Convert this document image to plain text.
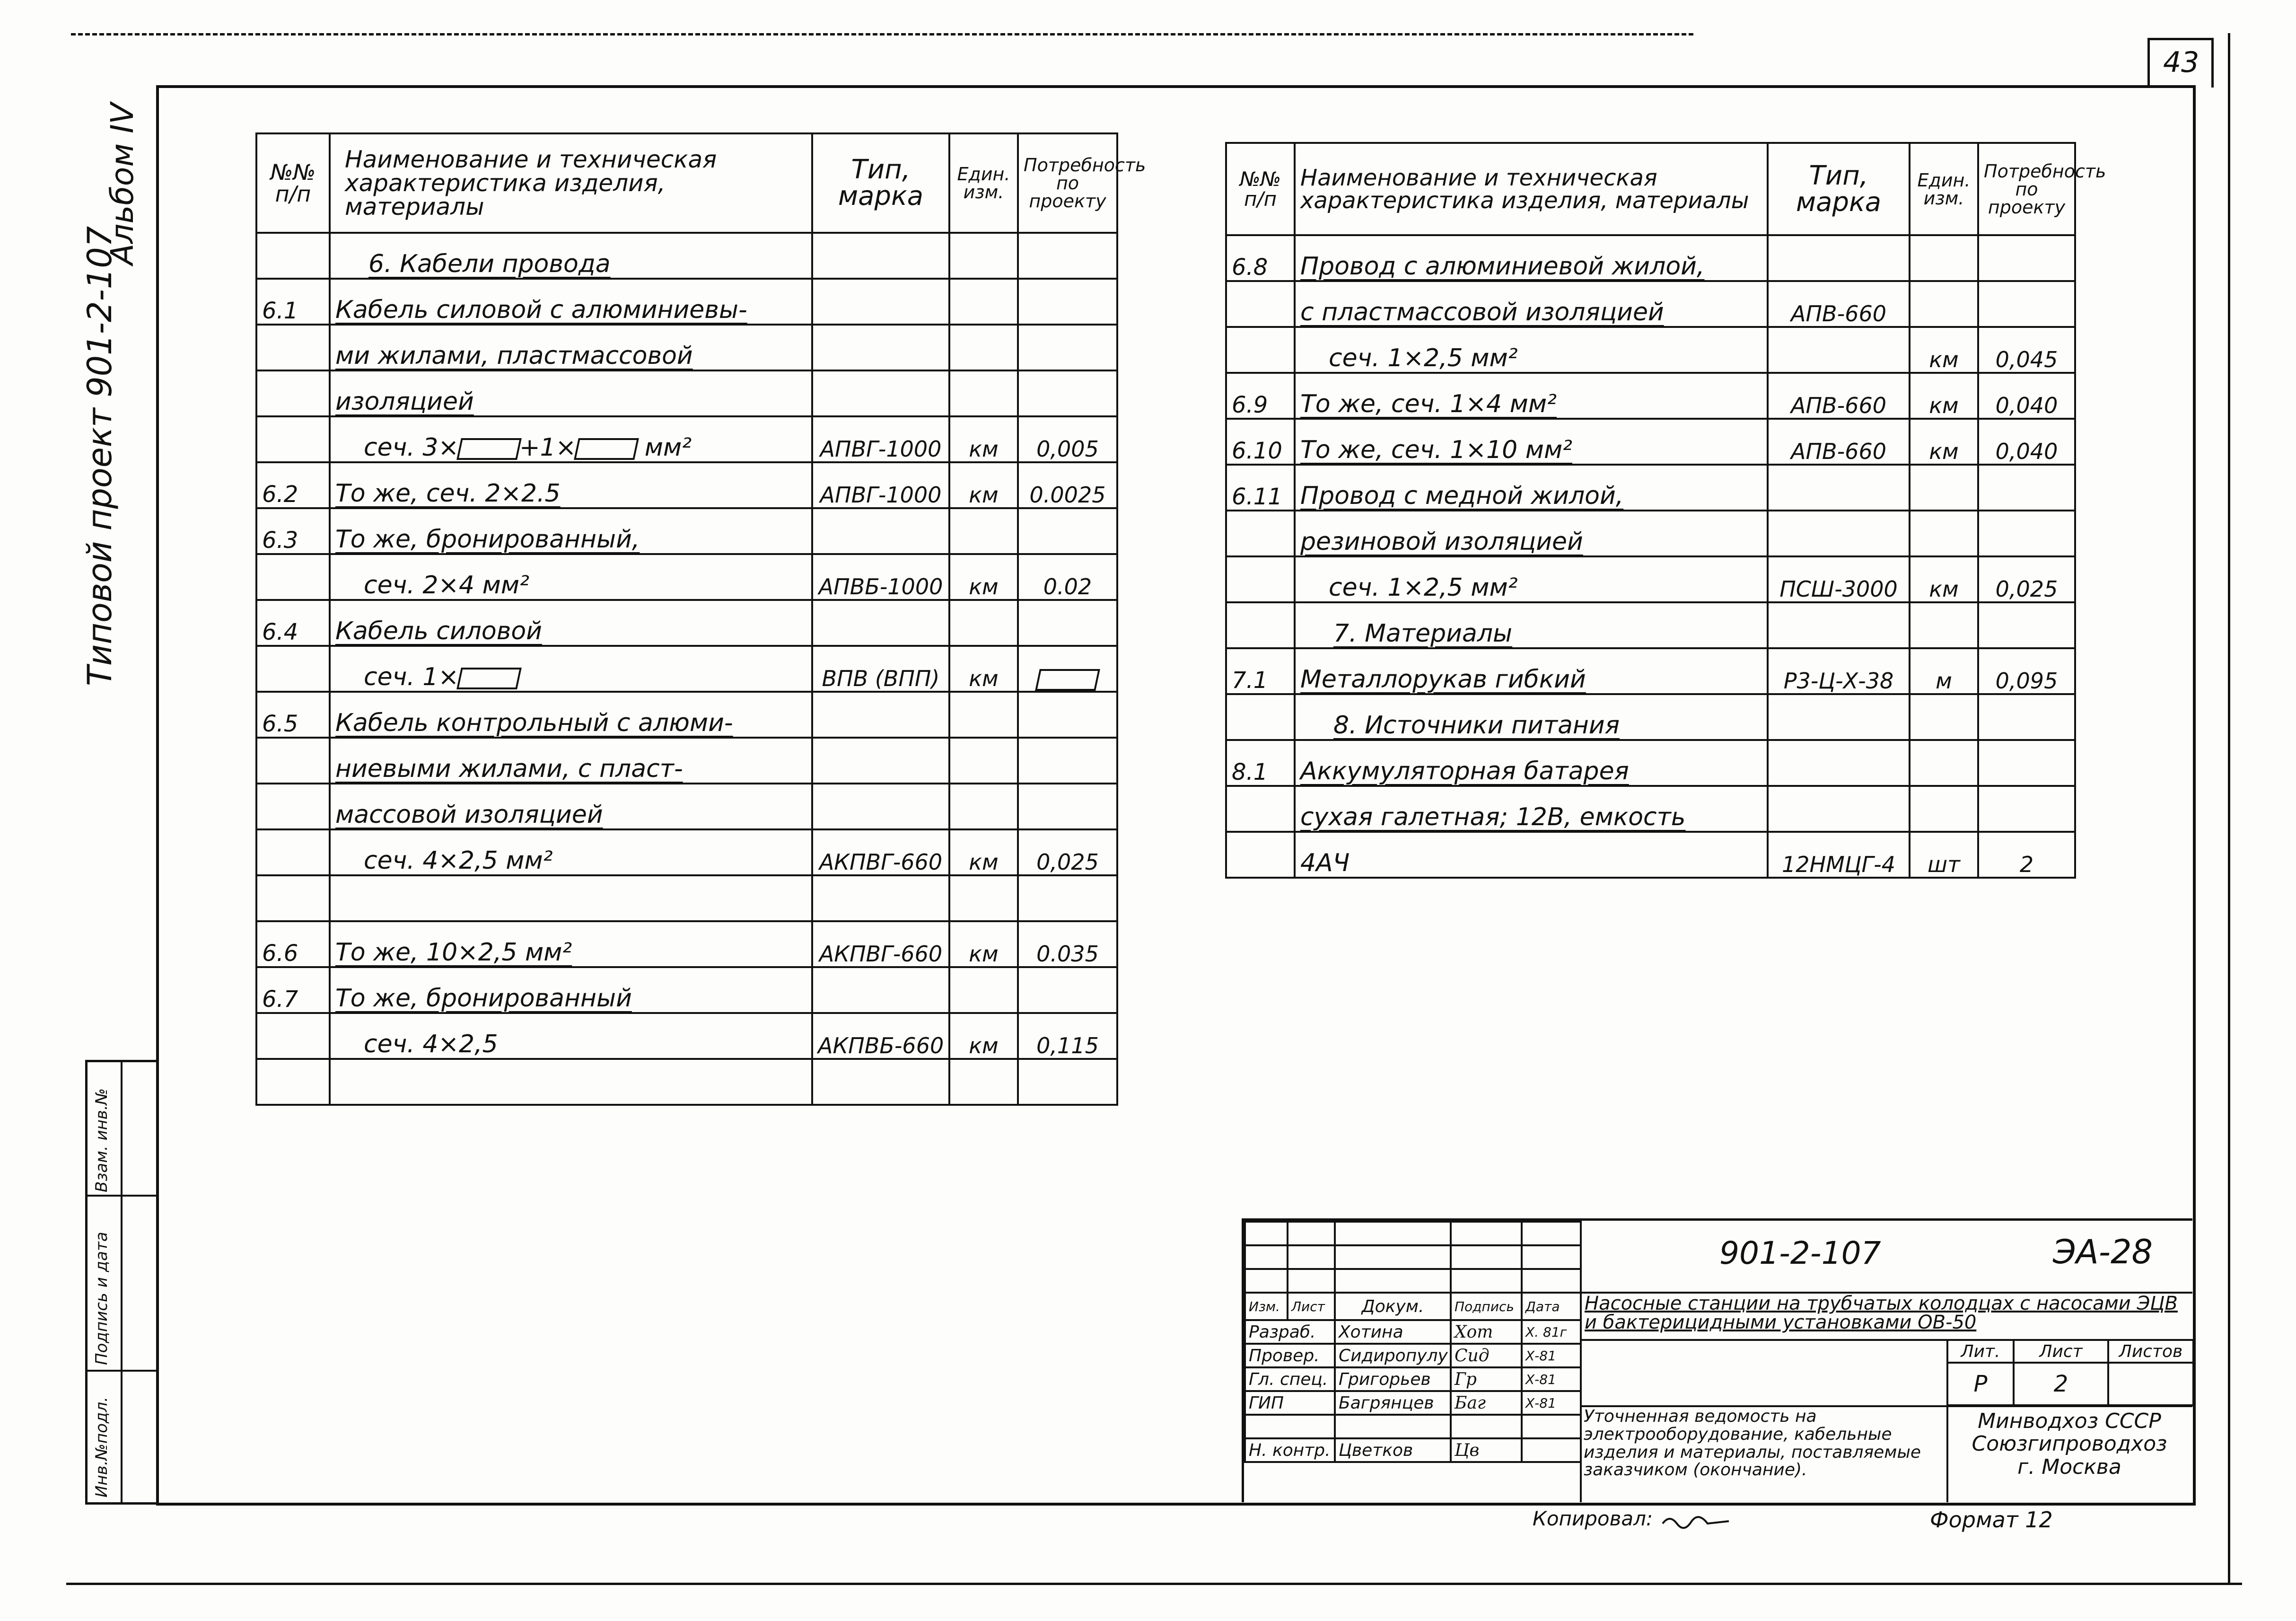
43
Типовой проект 901-2-107
Альбом IV
Взам. инв.№
Подпись и дата
Инв.№подл.
№№ п/п	Наименование и техническая характеристика изделия, материалы	Тип, марка	Един. изм.	Потребность по проекту
	6. Кабели провода			
6.1	Кабель силовой с алюминиевы-			
	ми жилами, пластмассовой			
	изоляцией			
	сеч. 3× +1× мм²	АПВГ-1000	км	0,005
6.2	То же, сеч. 2×2.5	АПВГ-1000	км	0.0025
6.3	То же, бронированный,			
	сеч. 2×4 мм²	АПВБ-1000	км	0.02
6.4	Кабель силовой			
	сеч. 1×	ВПВ (ВПП)	км	
6.5	Кабель контрольный с алюми-			
	ниевыми жилами, с пласт-			
	массовой изоляцией			
	сеч. 4×2,5 мм²	АКПВГ-660	км	0,025

6.6	То же, 10×2,5 мм²	АКПВГ-660	км	0.035
6.7	То же, бронированный			
	сеч. 4×2,5	АКПВБ-660	км	0,115

№№ п/п	Наименование и техническая характеристика изделия, материалы	Тип, марка	Един. изм.	Потребность по проекту
6.8	Провод с алюминиевой жилой,			
	с пластмассовой изоляцией	АПВ-660		
	сеч. 1×2,5 мм²		км	0,045
6.9	То же, сеч. 1×4 мм²	АПВ-660	км	0,040
6.10	То же, сеч. 1×10 мм²	АПВ-660	км	0,040
6.11	Провод с медной жилой,			
	резиновой изоляцией			
	сеч. 1×2,5 мм²	ПСШ-3000	км	0,025
	7. Материалы			
7.1	Металлорукав гибкий	Р3-Ц-Х-38	м	0,095
	8. Источники питания			
8.1	Аккумуляторная батарея			
	сухая галетная; 12В, емкость			
	4АЧ	12НМЦГ-4	шт	2

Изм.	Лист	Докум.	Подпись	Дата
Разраб.		Хотина	Хот	Х. 81г
Провер.		Сидиропулу	Сид	Х-81
Гл. спец.		Григорьев	Гр	Х-81
ГИП		Багрянцев	Баг	Х-81

Н. контр.		Цветков	Цв	
901-2-107	ЭА-28
Насосные станции на трубчатых колодцах с насосами ЭЦВ и бактерицидными установками ОВ-50
Лит.	Лист	Листов
Р	2	
Уточненная ведомость на электрооборудование, кабельные изделия и материалы, поставляемые заказчиком (окончание).
Минводхоз СССР
Союзгипроводхоз
г. Москва
Копировал:	Формат 12
